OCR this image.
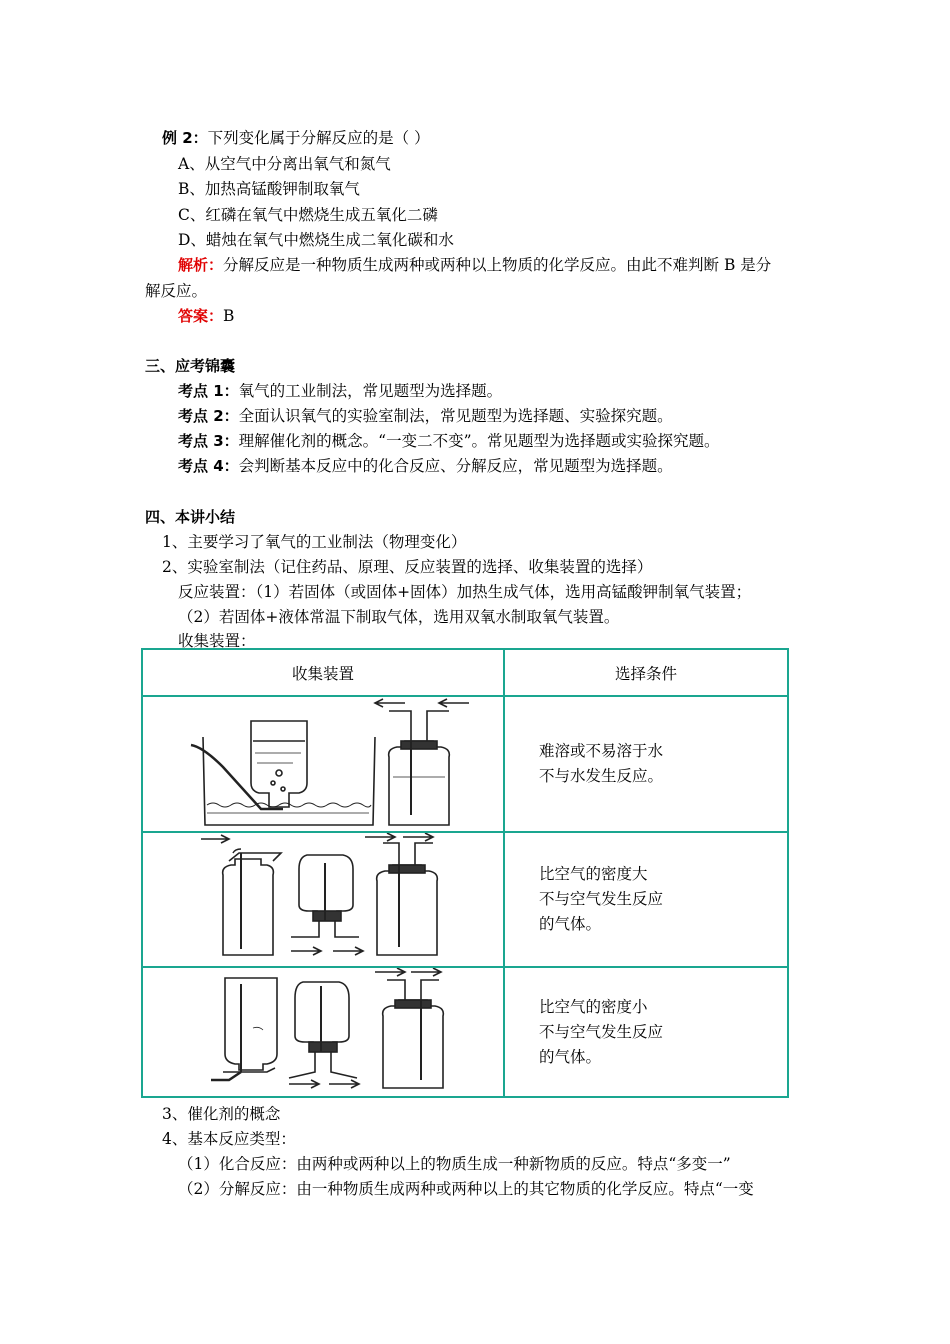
例 2：下列变化属于分解反应的是（ ）
A、从空气中分离出氧气和氮气
B、加热高锰酸钾制取氧气
C、红磷在氧气中燃烧生成五氧化二磷
D、蜡烛在氧气中燃烧生成二氧化碳和水
解析：分解反应是一种物质生成两种或两种以上物质的化学反应。由此不难判断 B 是分
解反应。
答案：B
三、应考锦囊
考点 1：氧气的工业制法，常见题型为选择题。
考点 2：全面认识氧气的实验室制法，常见题型为选择题、实验探究题。
考点 3：理解催化剂的概念。“一变二不变”。常见题型为选择题或实验探究题。
考点 4：会判断基本反应中的化合反应、分解反应，常见题型为选择题。
四、本讲小结
1、主要学习了氧气的工业制法（物理变化）
2、实验室制法（记住药品、原理、反应装置的选择、收集装置的选择）
反应装置：（1）若固体（或固体+固体）加热生成气体，选用高锰酸钾制氧气装置；
（2）若固体+液体常温下制取气体，选用双氧水制取氧气装置。
收集装置：
收集装置	选择条件

难溶或不易溶于水
不与水发生反应。

比空气的密度大
不与空气发生反应
的气体。

比空气的密度小
不与空气发生反应
的气体。
3、催化剂的概念
4、基本反应类型：
（1）化合反应：由两种或两种以上的物质生成一种新物质的反应。特点“多变一”
（2）分解反应：由一种物质生成两种或两种以上的其它物质的化学反应。特点“一变
